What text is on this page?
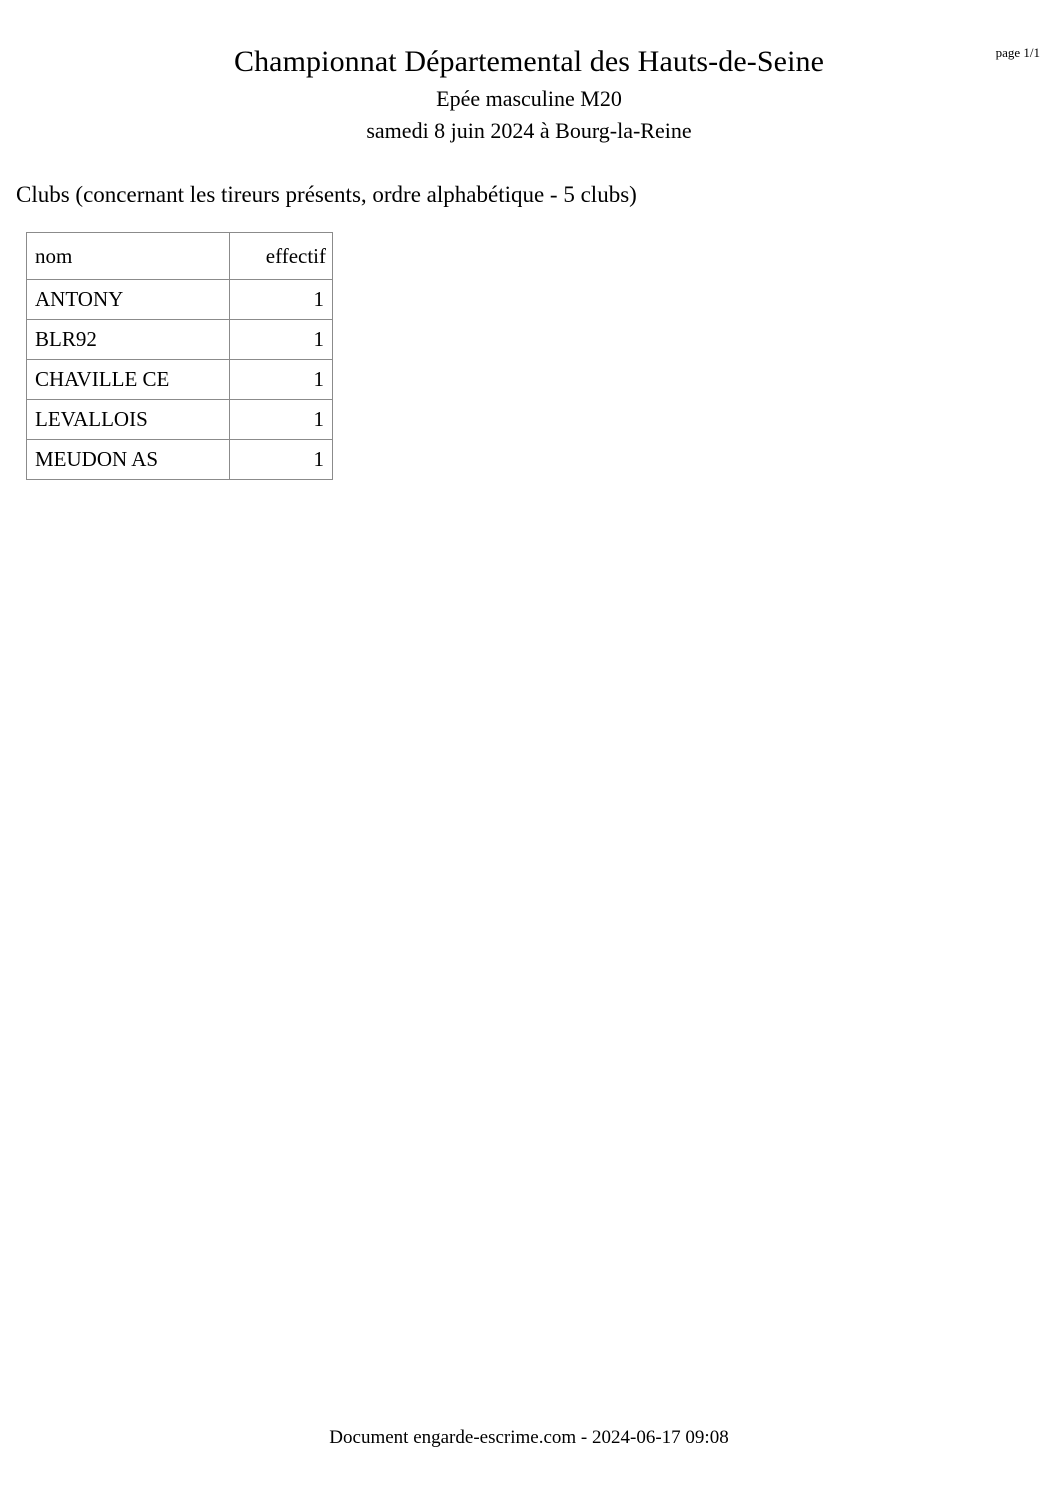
page 1/1
Championnat Départemental des Hauts-de-Seine
Epée masculine M20
samedi 8 juin 2024 à Bourg-la-Reine
Clubs (concernant les tireurs présents, ordre alphabétique - 5 clubs)
nom	effectif
ANTONY	1
BLR92	1
CHAVILLE CE	1
LEVALLOIS	1
MEUDON AS	1
Document engarde-escrime.com - 2024-06-17 09:08
